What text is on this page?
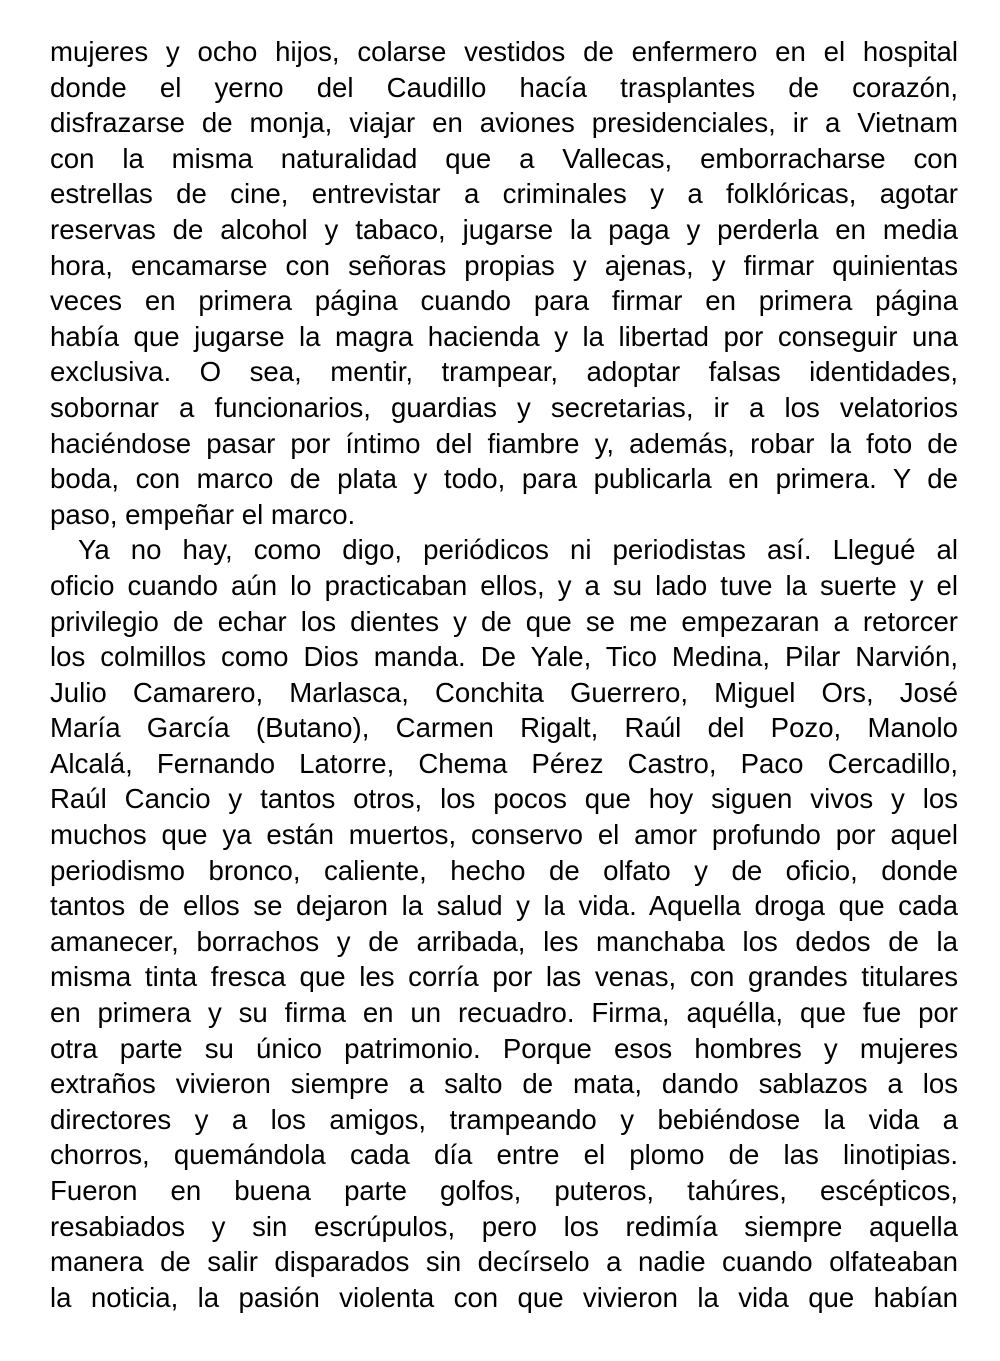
mujeres y ocho hijos, colarse vestidos de enfermero en el hospital
donde el yerno del Caudillo hacía trasplantes de corazón,
disfrazarse de monja, viajar en aviones presidenciales, ir a Vietnam
con la misma naturalidad que a Vallecas, emborracharse con
estrellas de cine, entrevistar a criminales y a folklóricas, agotar
reservas de alcohol y tabaco, jugarse la paga y perderla en media
hora, encamarse con señoras propias y ajenas, y firmar quinientas
veces en primera página cuando para firmar en primera página
había que jugarse la magra hacienda y la libertad por conseguir una
exclusiva. O sea, mentir, trampear, adoptar falsas identidades,
sobornar a funcionarios, guardias y secretarias, ir a los velatorios
haciéndose pasar por íntimo del fiambre y, además, robar la foto de
boda, con marco de plata y todo, para publicarla en primera. Y de
paso, empeñar el marco.
Ya no hay, como digo, periódicos ni periodistas así. Llegué al
oficio cuando aún lo practicaban ellos, y a su lado tuve la suerte y el
privilegio de echar los dientes y de que se me empezaran a retorcer
los colmillos como Dios manda. De Yale, Tico Medina, Pilar Narvión,
Julio Camarero, Marlasca, Conchita Guerrero, Miguel Ors, José
María García (Butano), Carmen Rigalt, Raúl del Pozo, Manolo
Alcalá, Fernando Latorre, Chema Pérez Castro, Paco Cercadillo,
Raúl Cancio y tantos otros, los pocos que hoy siguen vivos y los
muchos que ya están muertos, conservo el amor profundo por aquel
periodismo bronco, caliente, hecho de olfato y de oficio, donde
tantos de ellos se dejaron la salud y la vida. Aquella droga que cada
amanecer, borrachos y de arribada, les manchaba los dedos de la
misma tinta fresca que les corría por las venas, con grandes titulares
en primera y su firma en un recuadro. Firma, aquélla, que fue por
otra parte su único patrimonio. Porque esos hombres y mujeres
extraños vivieron siempre a salto de mata, dando sablazos a los
directores y a los amigos, trampeando y bebiéndose la vida a
chorros, quemándola cada día entre el plomo de las linotipias.
Fueron en buena parte golfos, puteros, tahúres, escépticos,
resabiados y sin escrúpulos, pero los redimía siempre aquella
manera de salir disparados sin decírselo a nadie cuando olfateaban
la noticia, la pasión violenta con que vivieron la vida que habían
